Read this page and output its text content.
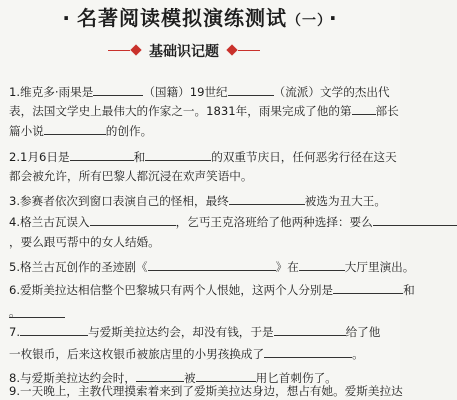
· 名著阅读模拟演练测试（一） ·
基础识记题
1.维克多·雨果是	（国籍）19世纪	（流派）文学的杰出代
表，法国文学史上最伟大的作家之一。1831年，雨果完成了他的第 部长
篇小说	的创作。
2.1月6日是	和	的双重节庆日，任何恶劣行径在这天
都会被允许，所有巴黎人都沉浸在欢声笑语中。
3.参赛者依次到窗口表演自己的怪相，最终	被选为丑大王。
4.格兰古瓦误入	，乞丐王克洛班给了他两种选择：要么
，要么跟丐帮中的女人结婚。
5.格兰古瓦创作的圣迹剧《	》在	大厅里演出。
6.爱斯美拉达相信整个巴黎城只有两个人恨她，这两个人分别是	和
。
7.	与爱斯美拉达约会，却没有钱，于是	给了他
一枚银币，后来这枚银币被旅店里的小男孩换成了	。
8.与爱斯美拉达约会时，	被	用匕首刺伤了。
9.一天晚上，主教代理摸索着来到了爱斯美拉达身边，想占有她。爱斯美拉达
